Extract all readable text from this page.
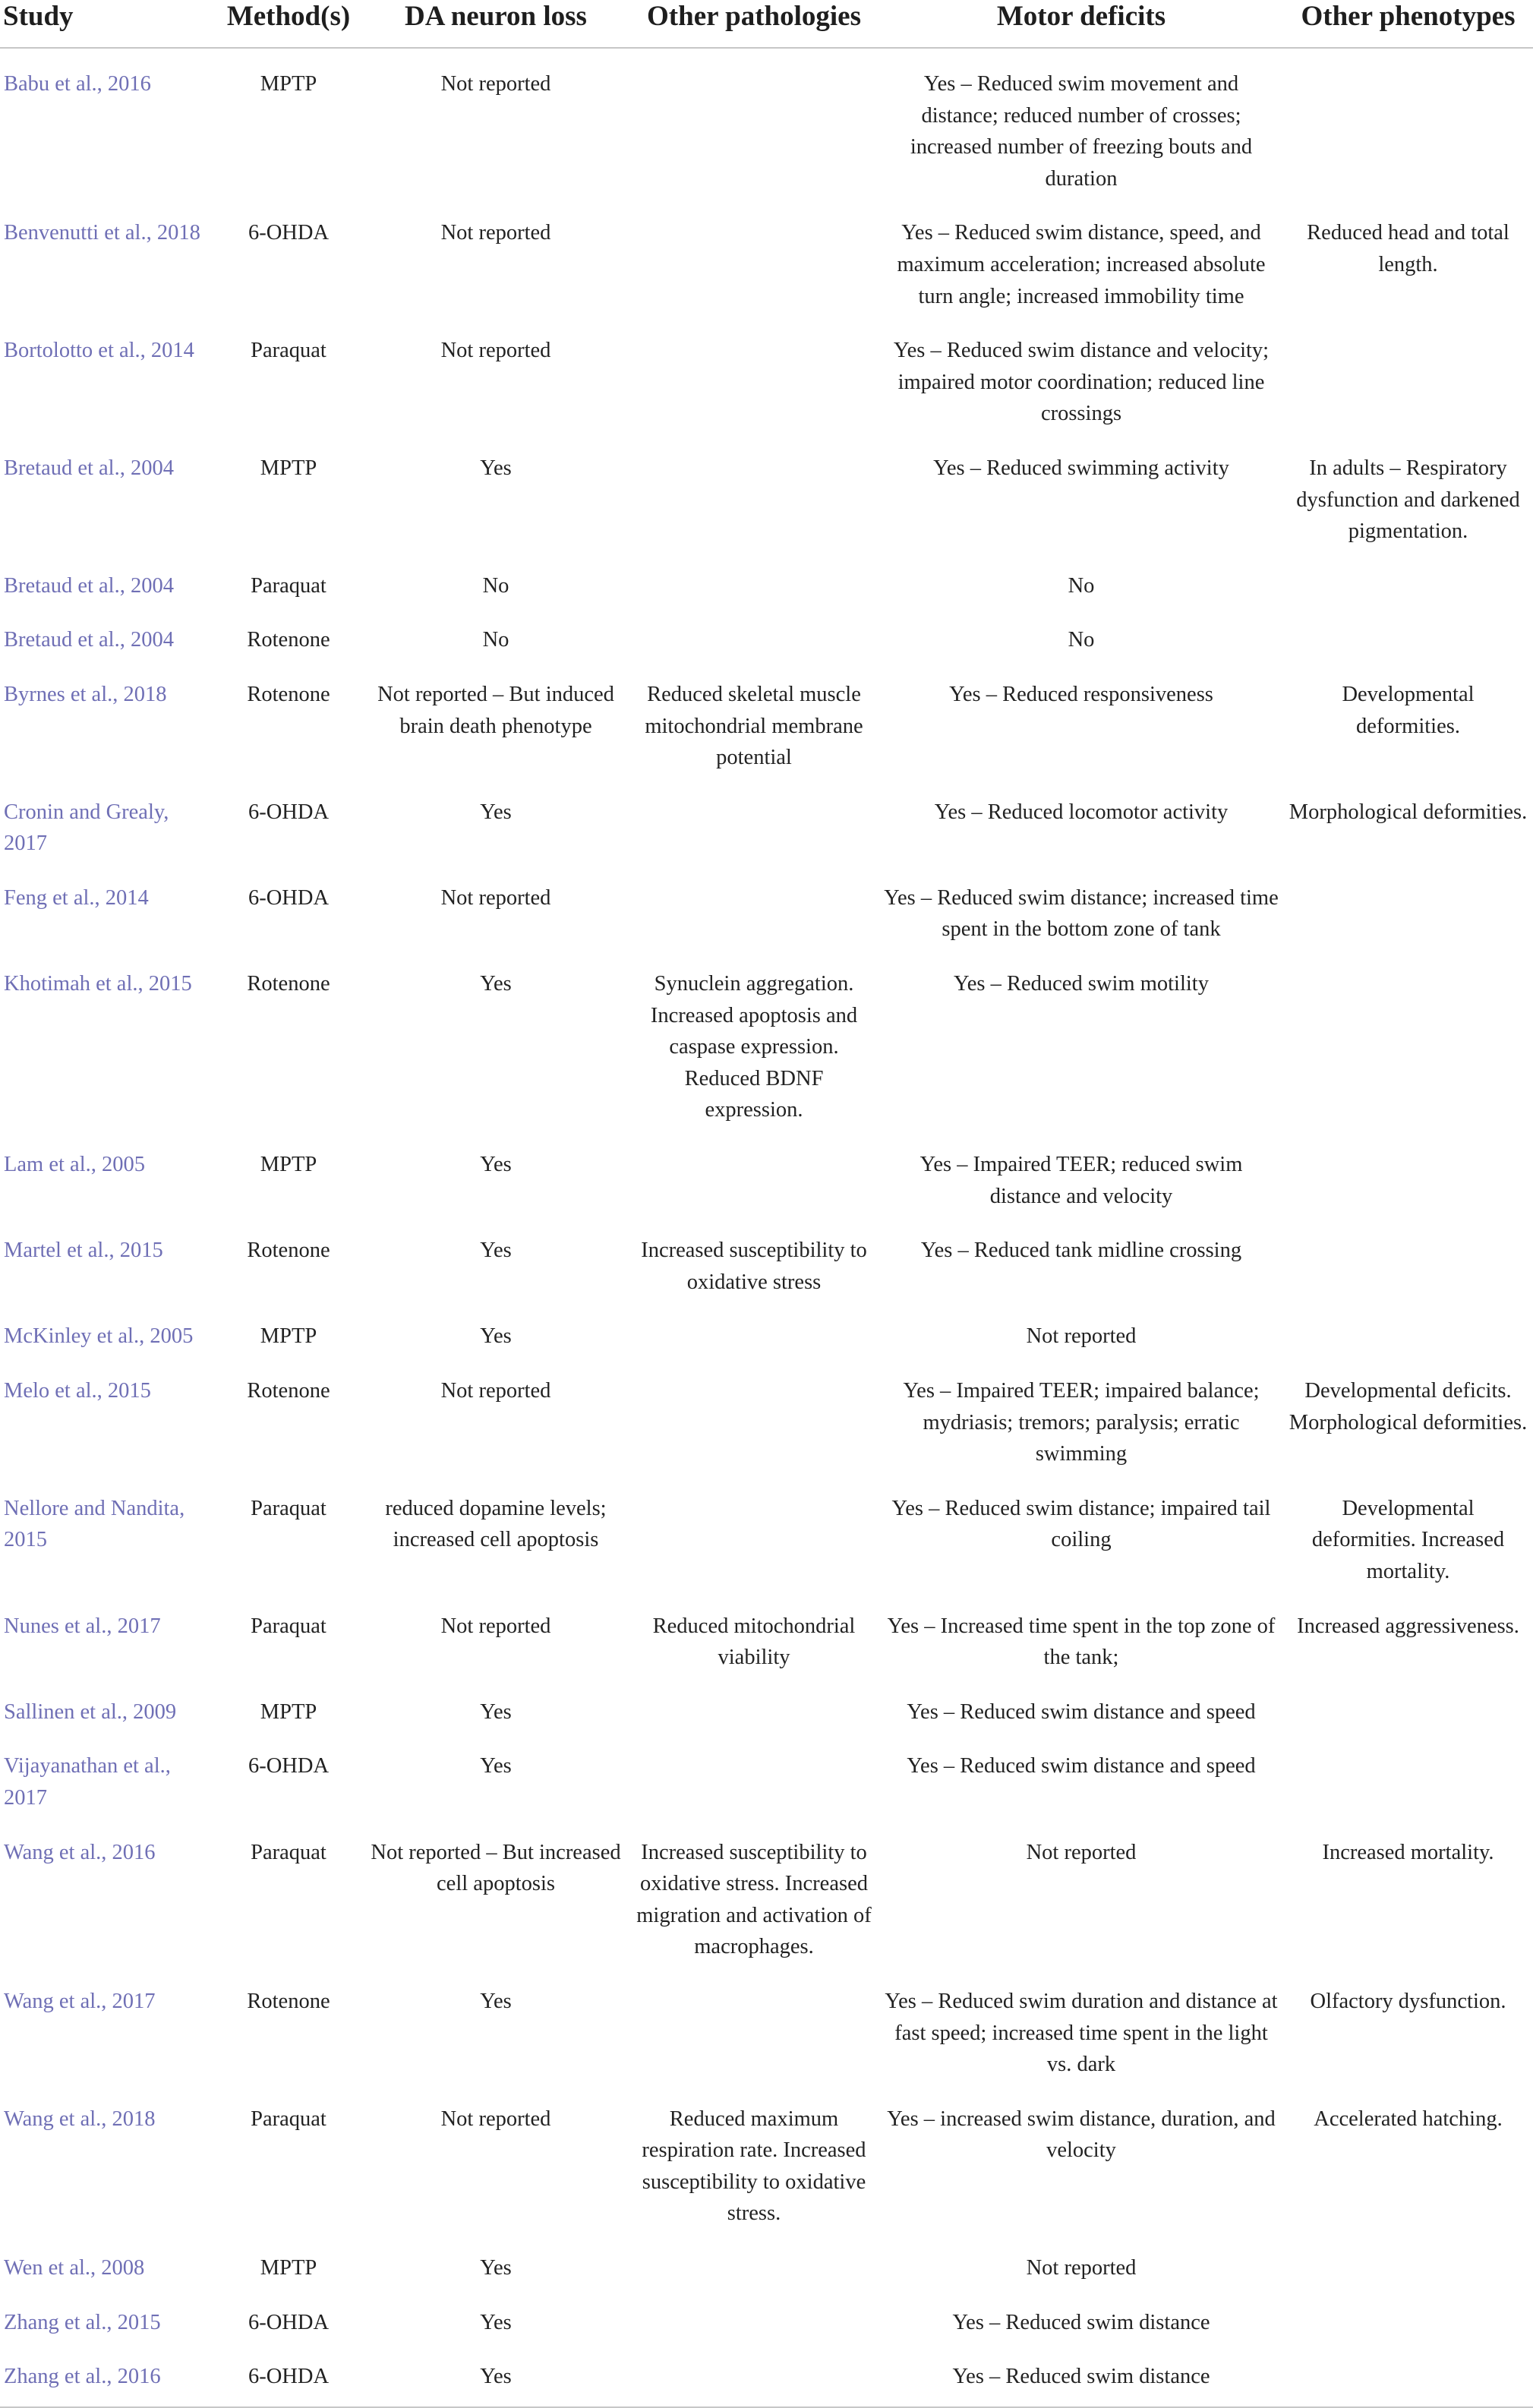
Study	Method(s)	DA neuron loss	Other pathologies	Motor deficits	Other phenotypes
Babu et al., 2016	MPTP	Not reported		Yes – Reduced swim movement and distance; reduced number of crosses; increased number of freezing bouts and duration	
Benvenutti et al., 2018	6-OHDA	Not reported		Yes – Reduced swim distance, speed, and maximum acceleration; increased absolute turn angle; increased immobility time	Reduced head and total length.
Bortolotto et al., 2014	Paraquat	Not reported		Yes – Reduced swim distance and velocity; impaired motor coordination; reduced line crossings	
Bretaud et al., 2004	MPTP	Yes		Yes – Reduced swimming activity	In adults – Respiratory dysfunction and darkened pigmentation.
Bretaud et al., 2004	Paraquat	No		No	
Bretaud et al., 2004	Rotenone	No		No	
Byrnes et al., 2018	Rotenone	Not reported – But induced brain death phenotype	Reduced skeletal muscle mitochondrial membrane potential	Yes – Reduced responsiveness	Developmental deformities.
Cronin and Grealy, 2017	6-OHDA	Yes		Yes – Reduced locomotor activity	Morphological deformities.
Feng et al., 2014	6-OHDA	Not reported		Yes – Reduced swim distance; increased time spent in the bottom zone of tank	
Khotimah et al., 2015	Rotenone	Yes	Synuclein aggregation. Increased apoptosis and caspase expression. Reduced BDNF expression.	Yes – Reduced swim motility	
Lam et al., 2005	MPTP	Yes		Yes – Impaired TEER; reduced swim distance and velocity	
Martel et al., 2015	Rotenone	Yes	Increased susceptibility to oxidative stress	Yes – Reduced tank midline crossing	
McKinley et al., 2005	MPTP	Yes		Not reported	
Melo et al., 2015	Rotenone	Not reported		Yes – Impaired TEER; impaired balance; mydriasis; tremors; paralysis; erratic swimming	Developmental deficits. Morphological deformities.
Nellore and Nandita, 2015	Paraquat	reduced dopamine levels; increased cell apoptosis		Yes – Reduced swim distance; impaired tail coiling	Developmental deformities. Increased mortality.
Nunes et al., 2017	Paraquat	Not reported	Reduced mitochondrial viability	Yes – Increased time spent in the top zone of the tank;	Increased aggressiveness.
Sallinen et al., 2009	MPTP	Yes		Yes – Reduced swim distance and speed	
Vijayanathan et al., 2017	6-OHDA	Yes		Yes – Reduced swim distance and speed	
Wang et al., 2016	Paraquat	Not reported – But increased cell apoptosis	Increased susceptibility to oxidative stress. Increased migration and activation of macrophages.	Not reported	Increased mortality.
Wang et al., 2017	Rotenone	Yes		Yes – Reduced swim duration and distance at fast speed; increased time spent in the light vs. dark	Olfactory dysfunction.
Wang et al., 2018	Paraquat	Not reported	Reduced maximum respiration rate. Increased susceptibility to oxidative stress.	Yes – increased swim distance, duration, and velocity	Accelerated hatching.
Wen et al., 2008	MPTP	Yes		Not reported	
Zhang et al., 2015	6-OHDA	Yes		Yes – Reduced swim distance	
Zhang et al., 2016	6-OHDA	Yes		Yes – Reduced swim distance	
